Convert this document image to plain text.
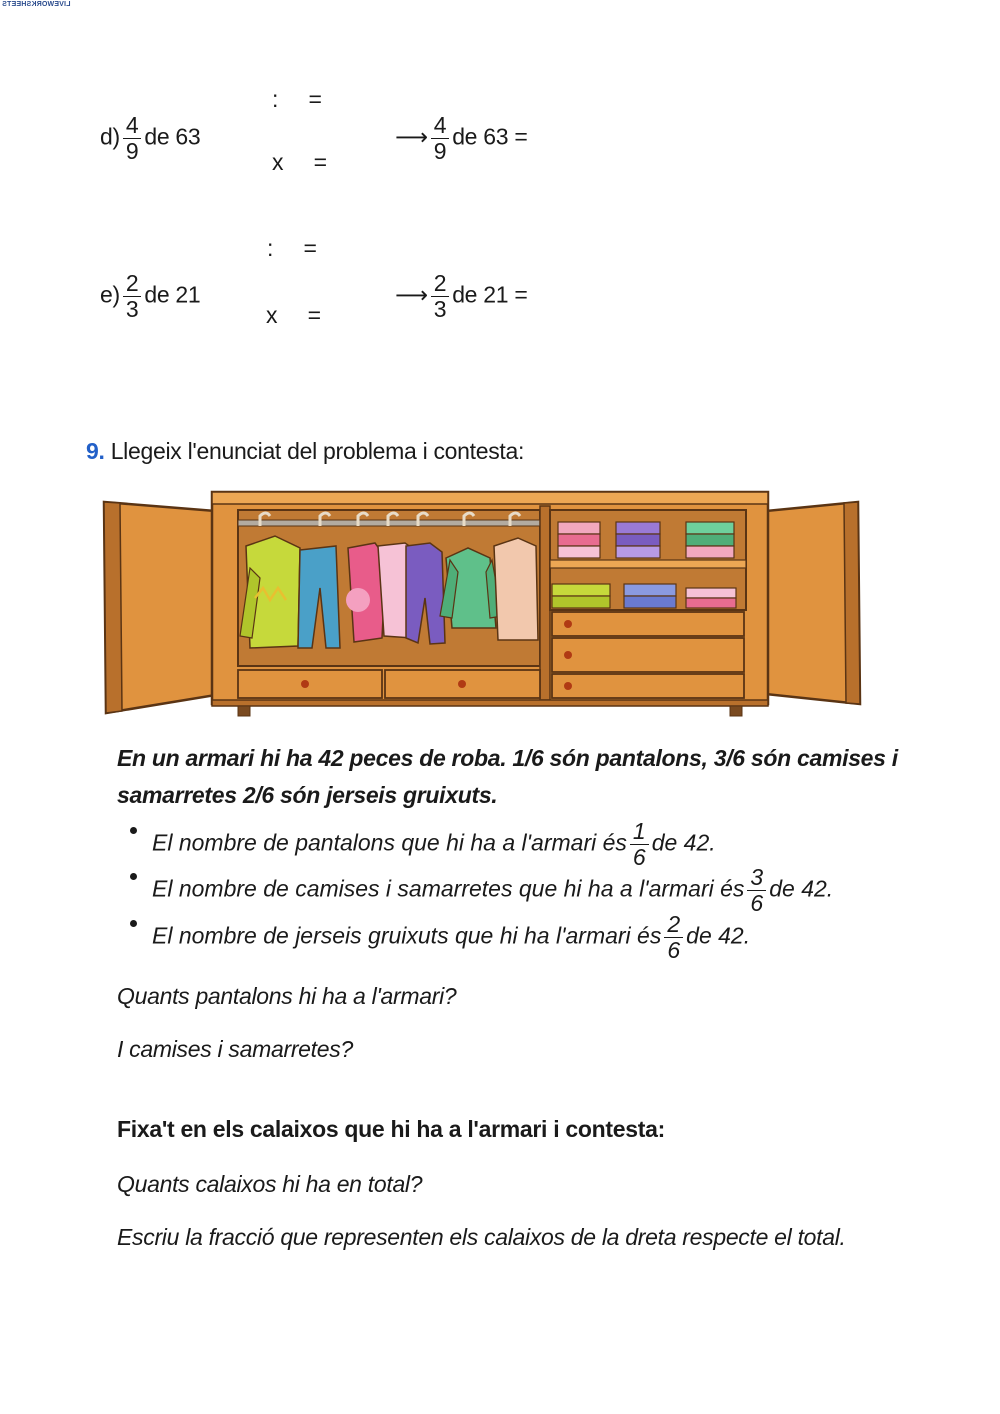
LIVEWORKSHEETS
$d) \frac{4}{9}$ de 63
:     =
x     =
⟶ $\frac{4}{9}$ de 63 =
$e) \frac{2}{3}$ de 21
:     =
x     =
⟶ $\frac{2}{3}$ de 21 =
9. Llegeix l'enunciat del problema i contesta:
En un armari hi ha 42 peces de roba. 1/6 són pantalons, 3/6 són camises i
samarretes 2/6 són jerseis gruixuts.
El nombre de pantalons que hi ha a l'armari és $\frac{1}{6}$ de 42.
El nombre de camises i samarretes que hi ha a l'armari és $\frac{3}{6}$ de 42.
El nombre de jerseis gruixuts que hi ha l'armari és $\frac{2}{6}$ de 42.
Quants pantalons hi ha a l'armari?
I camises i samarretes?
Fixa't en els calaixos que hi ha a l'armari i contesta:
Quants calaixos hi ha en total?
Escriu la fracció que representen els calaixos de la dreta respecte el total.
